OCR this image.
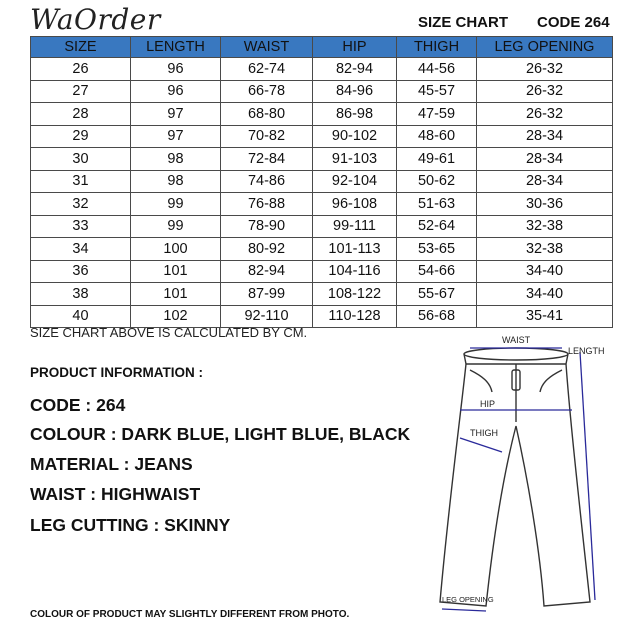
WaOrder	SIZE CHART CODE 264
SIZE	LENGTH	WAIST	HIP	THIGH	LEG OPENING
26	96	62-74	82-94	44-56	26-32
27	96	66-78	84-96	45-57	26-32
28	97	68-80	86-98	47-59	26-32
29	97	70-82	90-102	48-60	28-34
30	98	72-84	91-103	49-61	28-34
31	98	74-86	92-104	50-62	28-34
32	99	76-88	96-108	51-63	30-36
33	99	78-90	99-111	52-64	32-38
34	100	80-92	101-113	53-65	32-38
36	101	82-94	104-116	54-66	34-40
38	101	87-99	108-122	55-67	34-40
40	102	92-110	110-128	56-68	35-41
SIZE CHART ABOVE IS CALCULATED BY CM.
PRODUCT INFORMATION :
CODE : 264
COLOUR : DARK BLUE, LIGHT BLUE, BLACK
MATERIAL : JEANS
WAIST : HIGHWAIST
LEG CUTTING : SKINNY
WAIST
LENGTH
HIP
THIGH
LEG OPENING
COLOUR OF PRODUCT MAY SLIGHTLY DIFFERENT FROM PHOTO.
